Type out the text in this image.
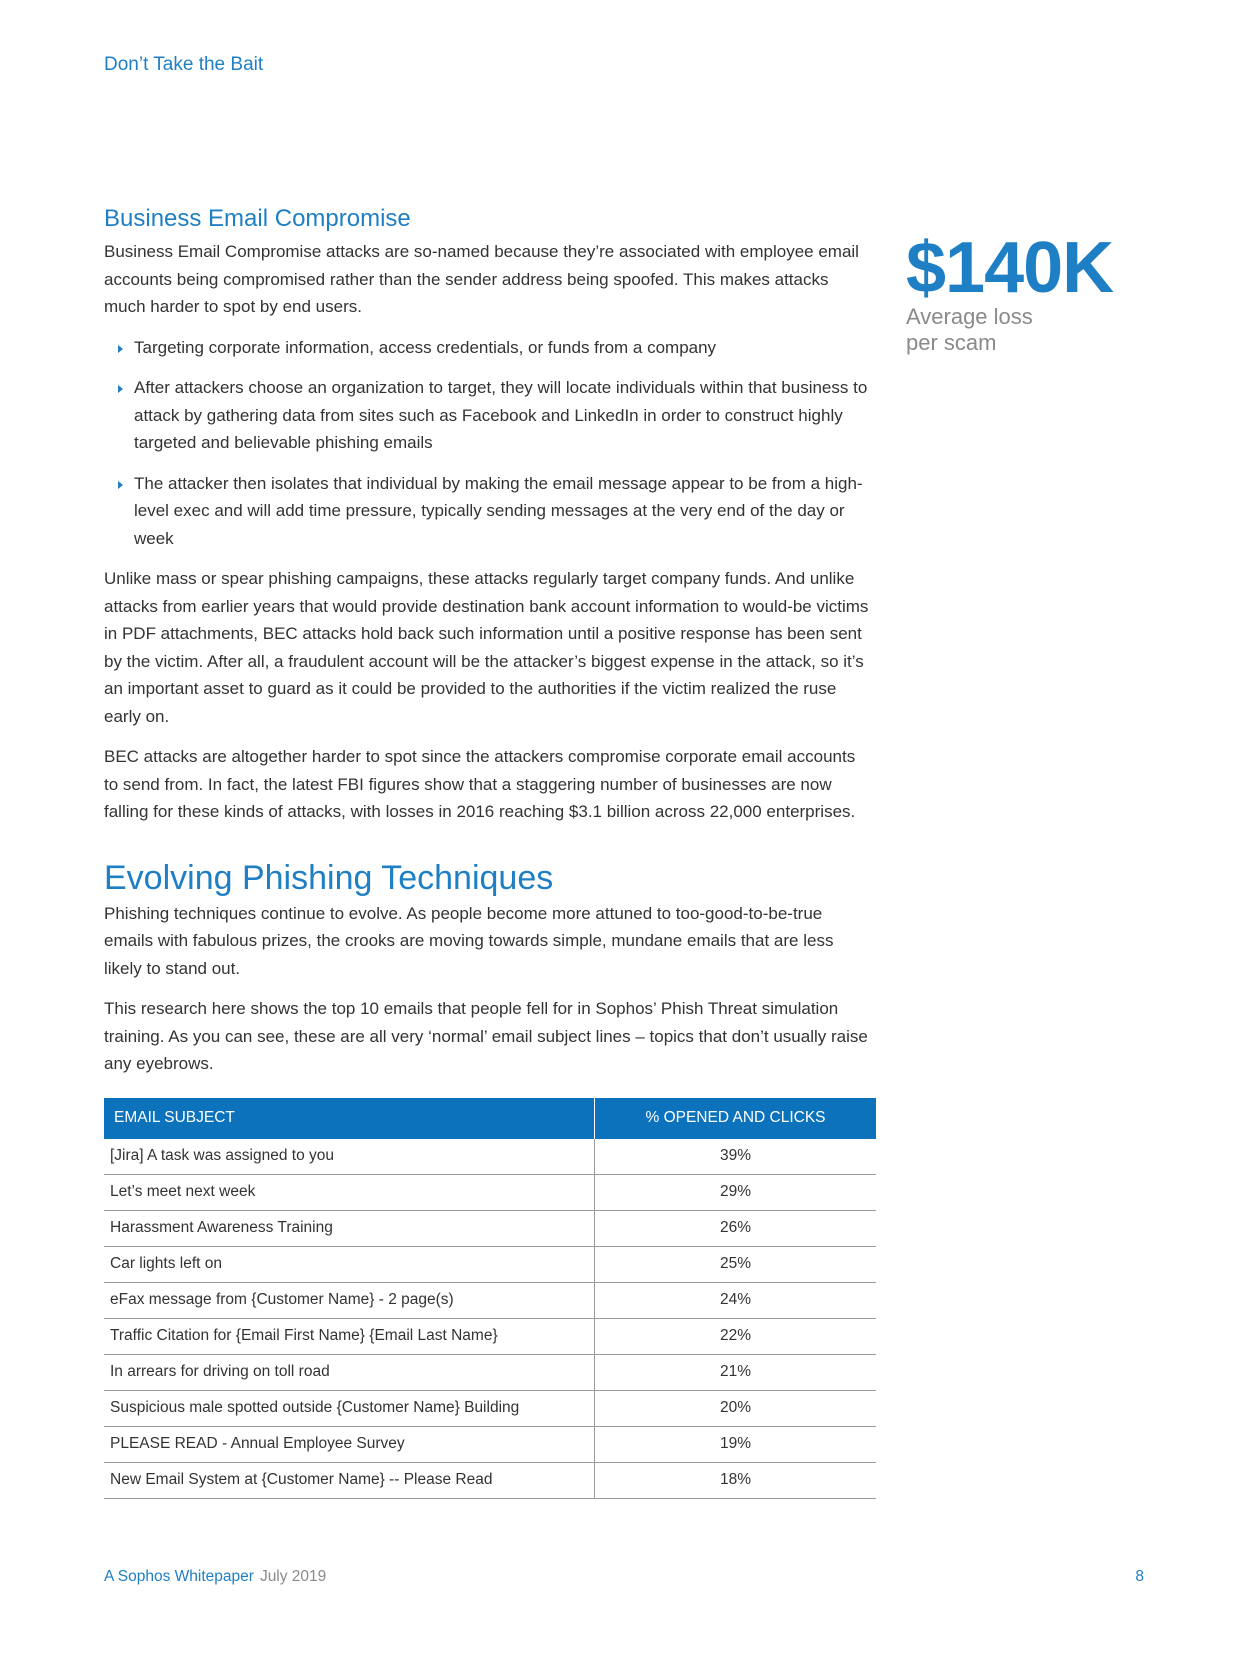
Don’t Take the Bait
$140K
Average loss per scam
Business Email Compromise

Business Email Compromise attacks are so-named because they’re associated with employee email accounts being compromised rather than the sender address being spoofed. This makes attacks much harder to spot by end users.

Targeting corporate information, access credentials, or funds from a company
After attackers choose an organization to target, they will locate individuals within that business to attack by gathering data from sites such as Facebook and LinkedIn in order to construct highly targeted and believable phishing emails
The attacker then isolates that individual by making the email message appear to be from a high-level exec and will add time pressure, typically sending messages at the very end of the day or week

Unlike mass or spear phishing campaigns, these attacks regularly target company funds. And unlike attacks from earlier years that would provide destination bank account information to would-be victims in PDF attachments, BEC attacks hold back such information until a positive response has been sent by the victim. After all, a fraudulent account will be the attacker’s biggest expense in the attack, so it’s an important asset to guard as it could be provided to the authorities if the victim realized the ruse early on.

BEC attacks are altogether harder to spot since the attackers compromise corporate email accounts to send from. In fact, the latest FBI figures show that a staggering number of businesses are now falling for these kinds of attacks, with losses in 2016 reaching $3.1 billion across 22,000 enterprises.

Evolving Phishing Techniques

Phishing techniques continue to evolve. As people become more attuned to too-good-to-be-true emails with fabulous prizes, the crooks are moving towards simple, mundane emails that are less likely to stand out.

This research here shows the top 10 emails that people fell for in Sophos’ Phish Threat simulation training. As you can see, these are all very ‘normal’ email subject lines – topics that don’t usually raise any eyebrows.

EMAIL SUBJECT	% OPENED AND CLICKS
[Jira] A task was assigned to you	39%
Let’s meet next week	29%
Harassment Awareness Training	26%
Car lights left on	25%
eFax message from {Customer Name} - 2 page(s)	24%
Traffic Citation for {Email First Name} {Email Last Name}	22%
In arrears for driving on toll road	21%
Suspicious male spotted outside {Customer Name} Building	20%
PLEASE READ - Annual Employee Survey	19%
New Email System at {Customer Name} -- Please Read	18%
A Sophos Whitepaper July 2019	8
